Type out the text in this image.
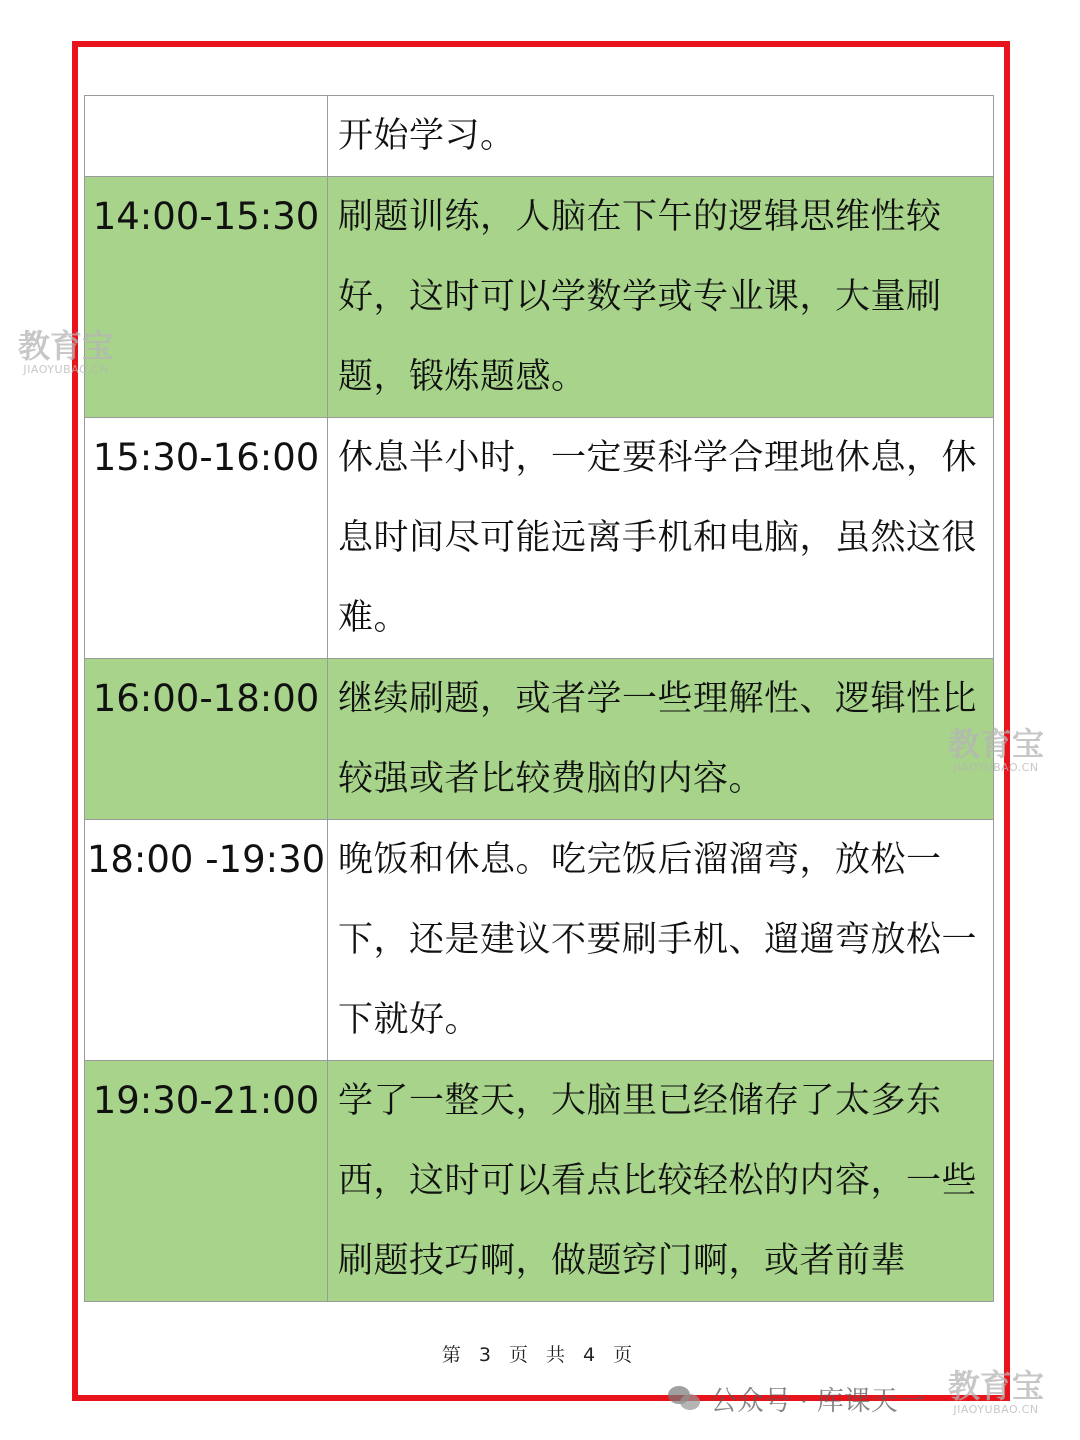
	开始学习。
14:00-15:30	刷题训练，人脑在下午的逻辑思维性较好，这时可以学数学或专业课，大量刷题，锻炼题感。
15:30-16:00	休息半小时，一定要科学合理地休息，休息时间尽可能远离手机和电脑，虽然这很难。
16:00-18:00	继续刷题，或者学一些理解性、逻辑性比较强或者比较费脑的内容。
18:00 -19:30	晚饭和休息。吃完饭后溜溜弯，放松一下，还是建议不要刷手机、遛遛弯放松一下就好。
19:30-21:00	学了一整天，大脑里已经储存了太多东西，这时可以看点比较轻松的内容，一些刷题技巧啊，做题窍门啊，或者前辈
第 3 页 共 4 页
教育宝
JIAOYUBAO.CN
教育宝
JIAOYUBAO.CN
公众号 · 库课天一 教育宝
JIAOYUBAO.CN
